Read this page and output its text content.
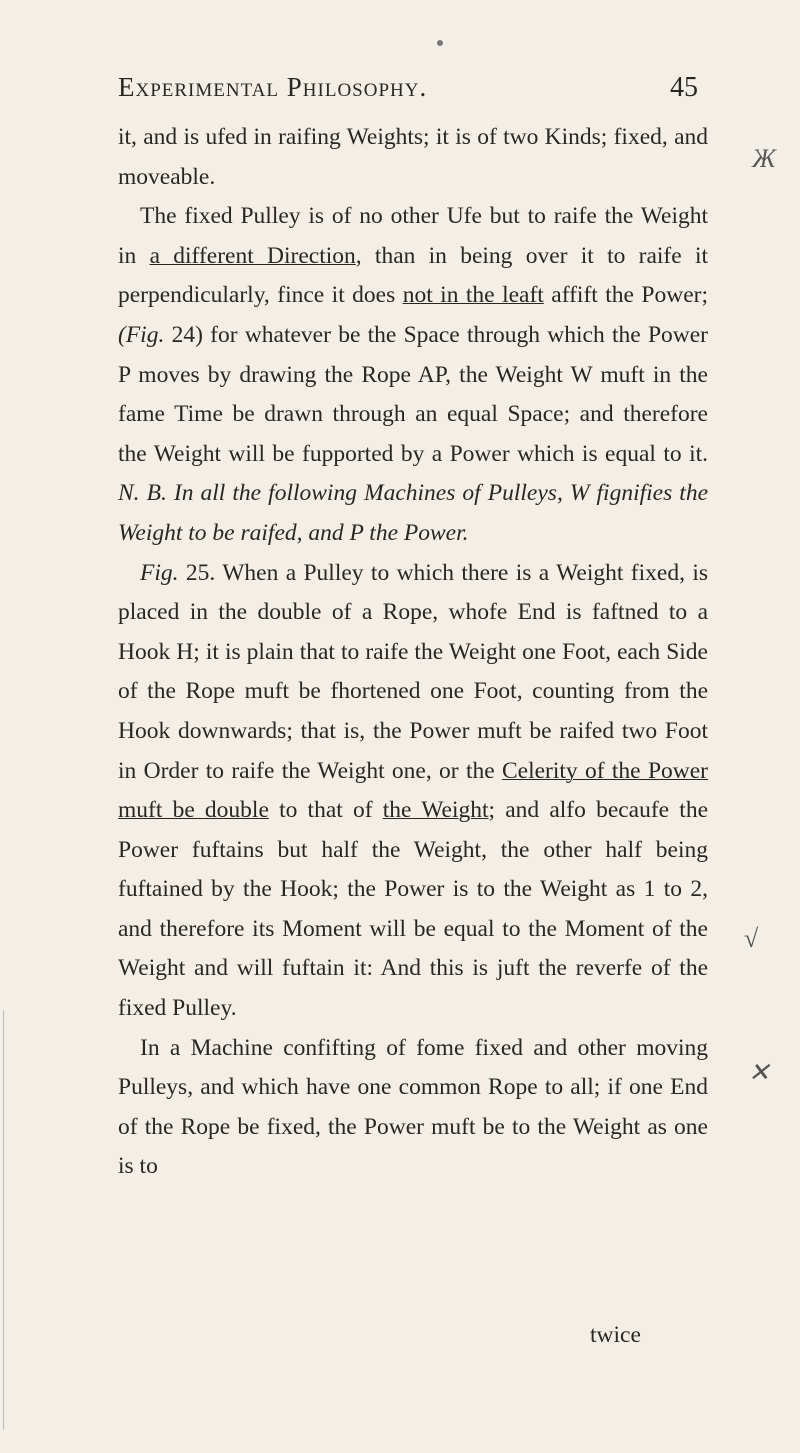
Experimental Philosophy.	45

it, and is ufed in raifing Weights; it is of two Kinds; fixed, and moveable.

The fixed Pulley is of no other Ufe but to raife the Weight in a different Direction, than in being over it to raife it perpendicularly, fince it does not in the leaft affift the Power; (Fig. 24) for whatever be the Space through which the Power P moves by drawing the Rope AP, the Weight W muft in the fame Time be drawn through an equal Space; and therefore the Weight will be fupported by a Power which is equal to it. N. B. In all the following Machines of Pulleys, W fignifies the Weight to be raifed, and P the Power.

Fig. 25. When a Pulley to which there is a Weight fixed, is placed in the double of a Rope, whofe End is faftned to a Hook H; it is plain that to raife the Weight one Foot, each Side of the Rope muft be fhortened one Foot, counting from the Hook downwards; that is, the Power muft be raifed two Foot in Order to raife the Weight one, or the Celerity of the Power muft be double to that of the Weight; and alfo becaufe the Power fuftains but half the Weight, the other half being fuftained by the Hook; the Power is to the Weight as 1 to 2, and therefore its Moment will be equal to the Moment of the Weight and will fuftain it: And this is juft the reverfe of the fixed Pulley.

In a Machine confifting of fome fixed and other moving Pulleys, and which have one common Rope to all; if one End of the Rope be fixed, the Power muft be to the Weight as one is to

twice
Ж
√
✕
